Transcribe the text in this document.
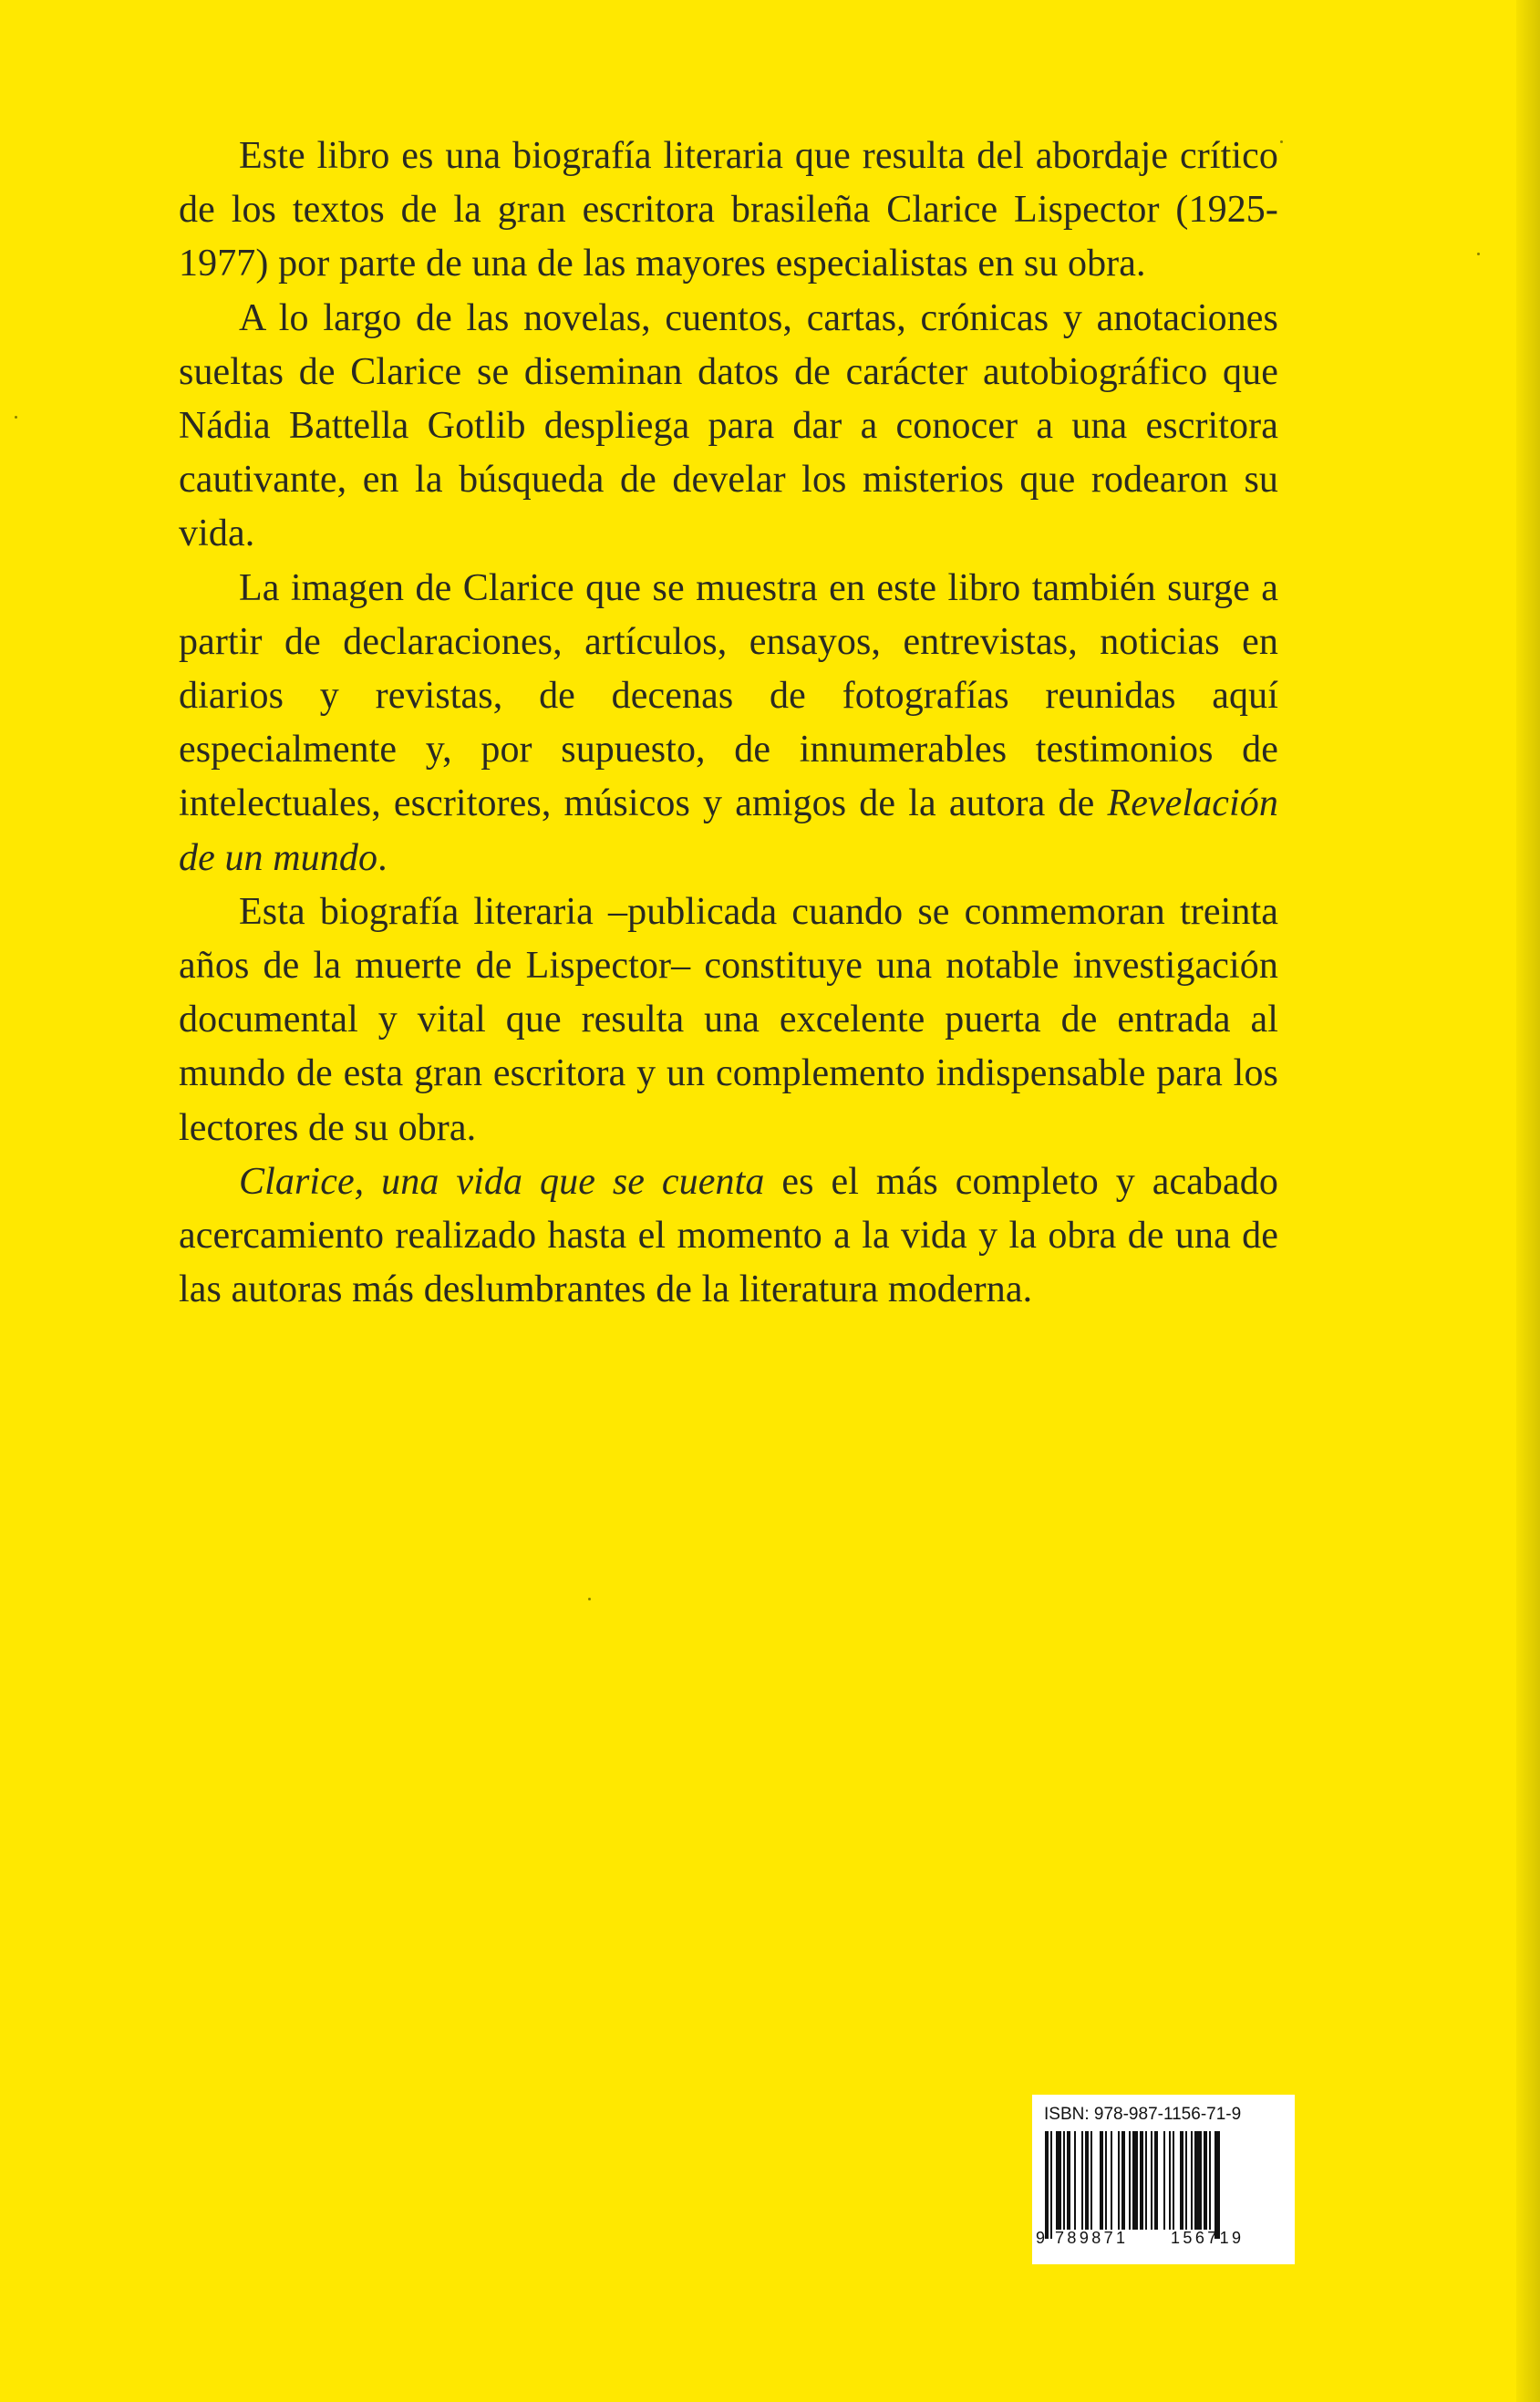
Este libro es una biografía literaria que resulta del abordaje crítico de los textos de la gran escritora brasileña Clarice Lispector (1925-1977) por parte de una de las mayores especialistas en su obra.

A lo largo de las novelas, cuentos, cartas, crónicas y anotaciones sueltas de Clarice se diseminan datos de carácter autobiográfico que Nádia Battella Gotlib despliega para dar a conocer a una escritora cautivante, en la búsqueda de develar los misterios que rodearon su vida.

La imagen de Clarice que se muestra en este libro también surge a partir de declaraciones, artículos, ensayos, entrevistas, noticias en diarios y revistas, de decenas de fotografías reunidas aquí especialmente y, por supuesto, de innumerables testimonios de intelectuales, escritores, músicos y amigos de la autora de Revelación de un mundo.

Esta biografía literaria –publicada cuando se conmemoran treinta años de la muerte de Lispector– constituye una notable investigación documental y vital que resulta una excelente puerta de entrada al mundo de esta gran escritora y un complemento indispensable para los lectores de su obra.

Clarice, una vida que se cuenta es el más completo y acabado acercamiento realizado hasta el momento a la vida y la obra de una de las autoras más deslumbrantes de la literatura moderna.

ISBN: 978-987-1156-71-9
9 789871	156719
